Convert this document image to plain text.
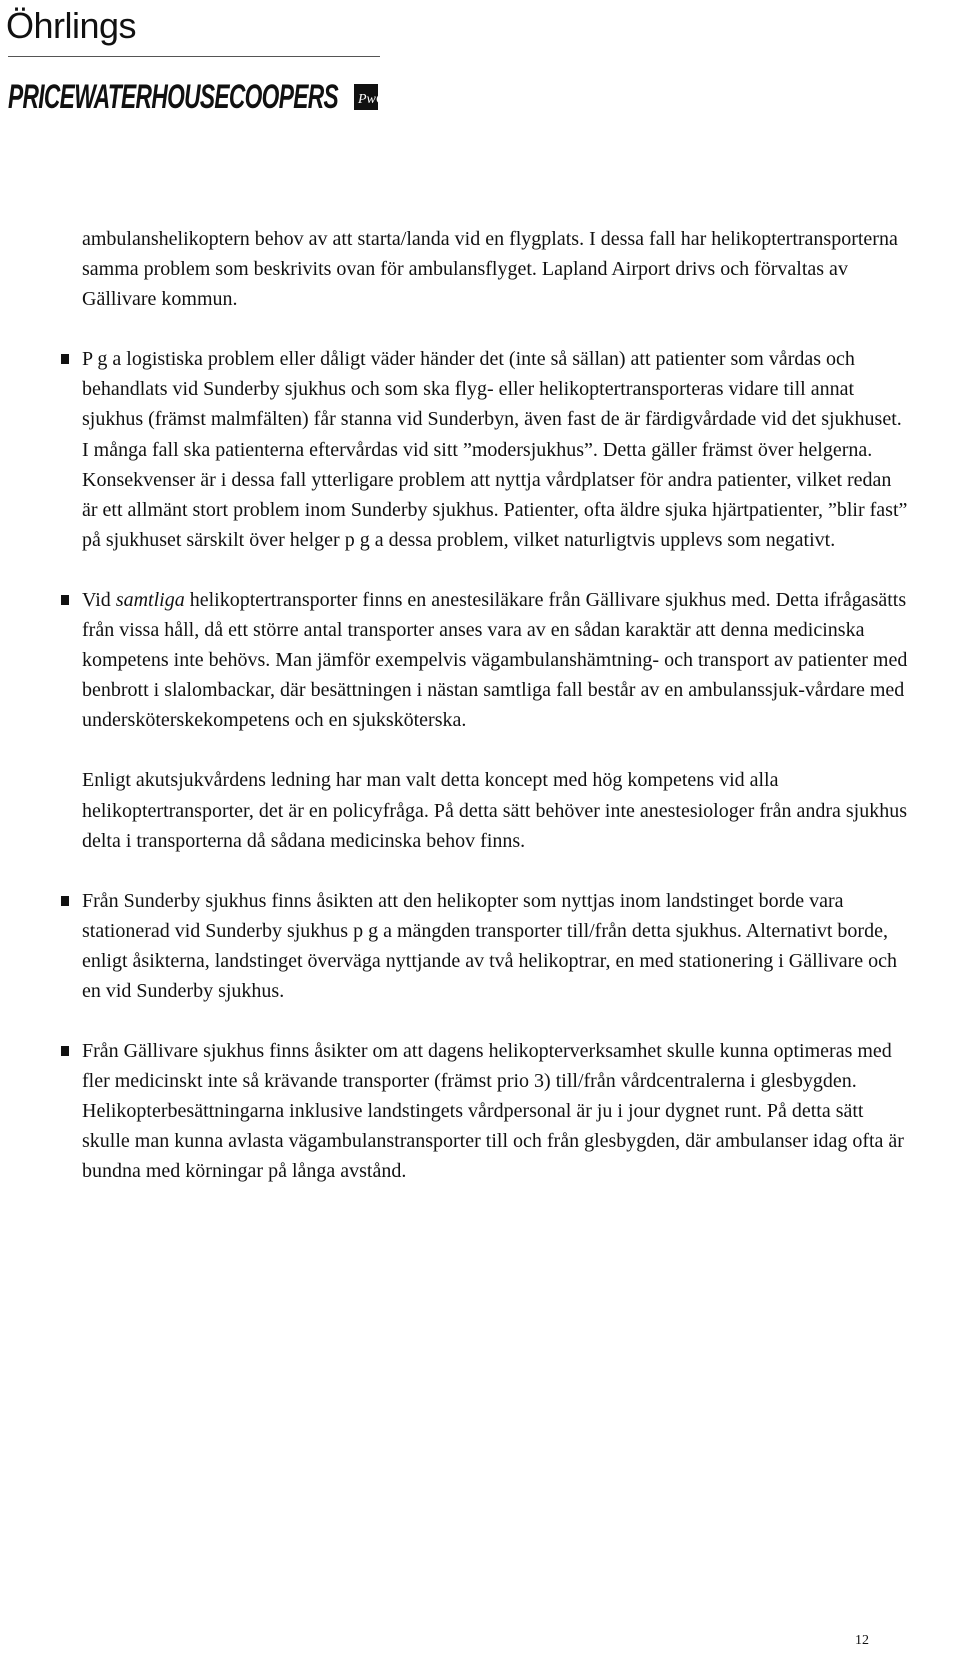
Öhrlings
PRICEWATERHOUSECOOPERS PwC

ambulanshelikoptern behov av att starta/landa vid en flygplats. I dessa fall har helikoptertransporterna samma problem som beskrivits ovan för ambulansflyget. Lapland Airport drivs och förvaltas av Gällivare kommun.

P g a logistiska problem eller dåligt väder händer det (inte så sällan) att patienter som vårdas och behandlats vid Sunderby sjukhus och som ska flyg- eller helikoptertransporteras vidare till annat sjukhus (främst malmfälten) får stanna vid Sunderbyn, även fast de är färdigvårdade vid det sjukhuset. I många fall ska patienterna eftervårdas vid sitt ”modersjukhus”. Detta gäller främst över helgerna. Konsekvenser är i dessa fall ytterligare problem att nyttja vårdplatser för andra patienter, vilket redan är ett allmänt stort problem inom Sunderby sjukhus. Patienter, ofta äldre sjuka hjärtpatienter, ”blir fast” på sjukhuset särskilt över helger p g a dessa problem, vilket naturligtvis upplevs som negativt.

Vid samtliga helikoptertransporter finns en anestesiläkare från Gällivare sjukhus med. Detta ifrågasätts från vissa håll, då ett större antal transporter anses vara av en sådan karaktär att denna medicinska kompetens inte behövs. Man jämför exempelvis vägambulanshämtning- och transport av patienter med benbrott i slalombackar, där besättningen i nästan samtliga fall består av en ambulanssjuk-vårdare med undersköterskekompetens och en sjuksköterska.

Enligt akutsjukvårdens ledning har man valt detta koncept med hög kompetens vid alla helikoptertransporter, det är en policyfråga. På detta sätt behöver inte anestesiologer från andra sjukhus delta i transporterna då sådana medicinska behov finns.

Från Sunderby sjukhus finns åsikten att den helikopter som nyttjas inom landstinget borde vara stationerad vid Sunderby sjukhus p g a mängden transporter till/från detta sjukhus. Alternativt borde, enligt åsikterna, landstinget överväga nyttjande av två helikoptrar, en med stationering i Gällivare och en vid Sunderby sjukhus.

Från Gällivare sjukhus finns åsikter om att dagens helikopterverksamhet skulle kunna optimeras med fler medicinskt inte så krävande transporter (främst prio 3) till/från vårdcentralerna i glesbygden. Helikopterbesättningarna inklusive landstingets vårdpersonal är ju i jour dygnet runt. På detta sätt skulle man kunna avlasta vägambulanstransporter till och från glesbygden, där ambulanser idag ofta är bundna med körningar på långa avstånd.

12
